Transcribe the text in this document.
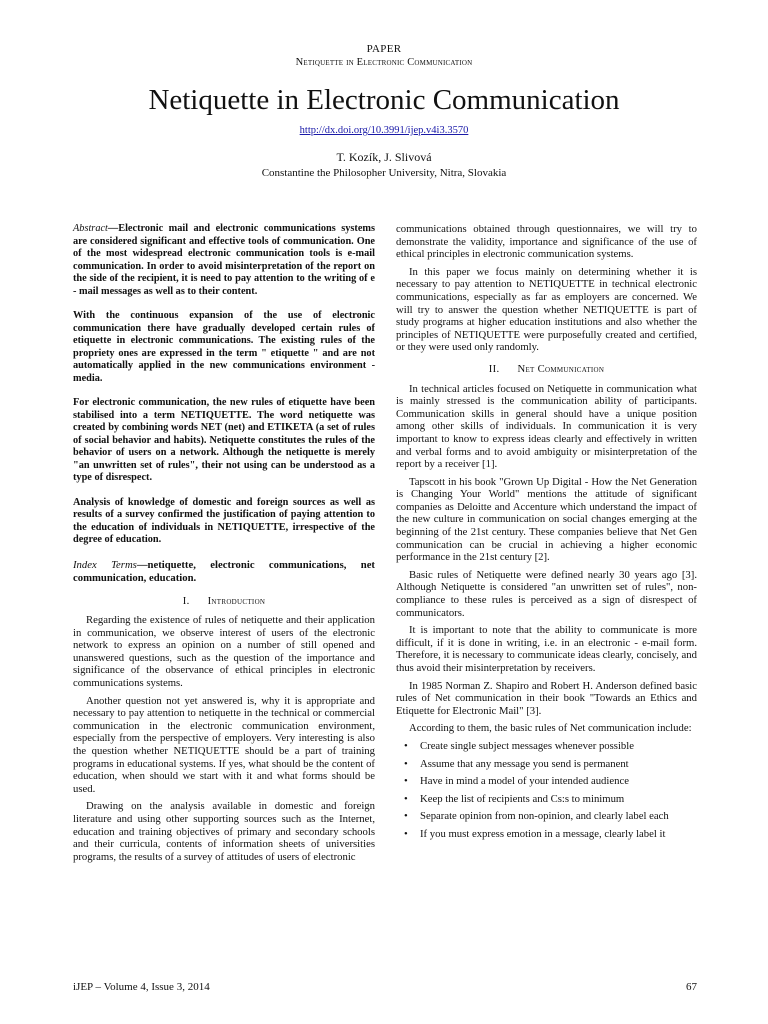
PAPER
Netiquette in Electronic Communication
Netiquette in Electronic Communication
http://dx.doi.org/10.3991/ijep.v4i3.3570
T. Kozík, J. Slivová
Constantine the Philosopher University, Nitra, Slovakia

Abstract—Electronic mail and electronic communications systems are considered significant and effective tools of communication. One of the most widespread electronic communication tools is e-mail communication. In order to avoid misinterpretation of the report on the side of the recipient, it is need to pay attention to the writing of e - mail messages as well as to their content.

With the continuous expansion of the use of electronic communication there have gradually developed certain rules of etiquette in electronic communications. The existing rules of the propriety ones are expressed in the term " etiquette " and are not automatically applied in the new communications environment - media.

For electronic communication, the new rules of etiquette have been stabilised into a term NETIQUETTE. The word netiquette was created by combining words NET (net) and ETIKETA (a set of rules of social behavior and habits). Netiquette constitutes the rules of the behavior of users on a network. Although the netiquette is merely "an unwritten set of rules", their not using can be understood as a type of disrespect.

Analysis of knowledge of domestic and foreign sources as well as results of a survey confirmed the justification of paying attention to the education of individuals in NETIQUETTE, irrespective of the degree of education.

Index Terms—netiquette, electronic communications, net communication, education.

I. Introduction

Regarding the existence of rules of netiquette and their application in communication, we observe interest of users of the electronic network to express an opinion on a number of still opened and unanswered questions, such as the question of the importance and significance of the observance of ethical principles in electronic communications systems.

Another question not yet answered is, why it is appropriate and necessary to pay attention to netiquette in the technical or commercial communication in the electronic communication environment, especially from the perspective of employers. Very interesting is also the question whether NETIQUETTE should be a part of training programs in educational systems. If yes, what should be the content of education, when should we start with it and what forms should be used.

Drawing on the analysis available in domestic and foreign literature and using other supporting sources such as the Internet, education and training objectives of primary and secondary schools and their curricula, contents of information sheets of universities programs, the results of a survey of attitudes of users of electronic

communications obtained through questionnaires, we will try to demonstrate the validity, importance and significance of the use of ethical principles in electronic communication systems.

In this paper we focus mainly on determining whether it is necessary to pay attention to NETIQUETTE in technical electronic communications, especially as far as employers are concerned. We will try to answer the question whether NETIQUETTE is part of study programs at higher education institutions and also whether the principles of NETIQUETTE were purposefully created and certified, or they were used only randomly.

II. Net Communication

In technical articles focused on Netiquette in communication what is mainly stressed is the communication ability of participants. Communication skills in general should have a unique position among other skills of individuals. In communication it is very important to know to express ideas clearly and effectively in written and verbal forms and to avoid ambiguity or misinterpretation of the report by a receiver [1].

Tapscott in his book "Grown Up Digital - How the Net Generation is Changing Your World" mentions the attitude of significant companies as Deloitte and Accenture which understand the impact of the new culture in communication on social changes emerging at the beginning of the 21st century. These companies believe that Net Gen communication can be crucial in achieving a higher economic performance in the 21st century [2].

Basic rules of Netiquette were defined nearly 30 years ago [3]. Although Netiquette is considered "an unwritten set of rules", non-compliance to these rules is perceived as a sign of disrespect of communicators.

It is important to note that the ability to communicate is more difficult, if it is done in writing, i.e. in an electronic - e-mail form. Therefore, it is necessary to communicate ideas clearly, concisely, and thus avoid their misinterpretation by receivers.

In 1985 Norman Z. Shapiro and Robert H. Anderson defined basic rules of Net communication in their book "Towards an Ethics and Etiquette for Electronic Mail" [3].

According to them, the basic rules of Net communication include:

• Create single subject messages whenever possible
• Assume that any message you send is permanent
• Have in mind a model of your intended audience
• Keep the list of recipients and Cs:s to minimum
• Separate opinion from non-opinion, and clearly label each
• If you must express emotion in a message, clearly label it
iJEP – Volume 4, Issue 3, 2014	67
